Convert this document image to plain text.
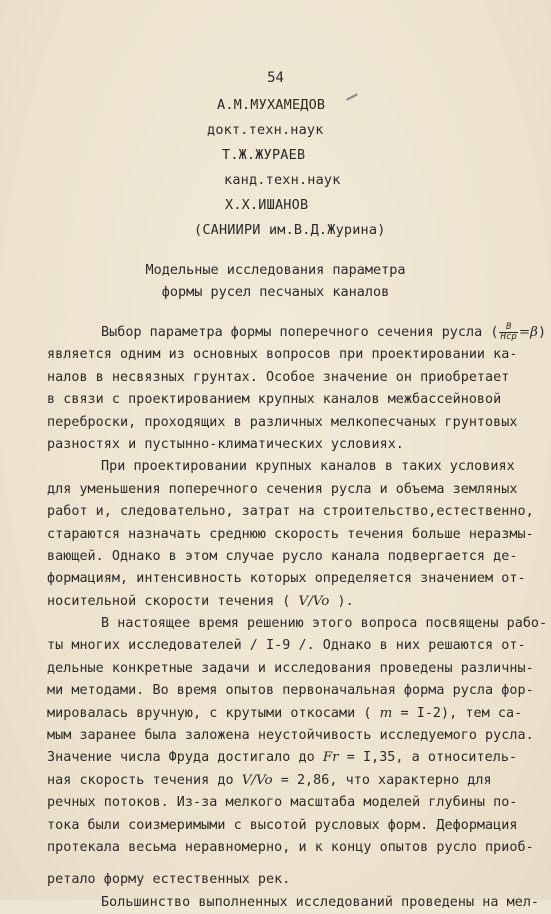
54
А.М.МУХАМЕДОВ
докт.техн.наук
Т.Ж.ЖУРАЕВ
канд.техн.наук
Х.Х.ИШАНОВ
(САНИИРИ им.В.Д.Журина)
Модельные исследования параметра
формы русел песчаных каналов
Выбор параметра формы поперечного сечения русла ( $\frac{В}{\text{Hср}} =\beta$)
является одним из основных вопросов при проектировании ка-
налов в несвязных грунтах. Особое значение он приобретает
в связи с проектированием крупных каналов межбассейновой
переброски, проходящих в различных мелкопесчаных грунтовых
разностях и пустынно-климатических условиях.
При проектировании крупных каналов в таких условиях
для уменьшения поперечного сечения русла и объема земляных
работ и, следовательно, затрат на строительство,естественно,
стараются назначать среднюю скорость течения больше неразмы-
вающей. Однако в этом случае русло канала подвергается де-
формациям, интенсивность которых определяется значением от-
носительной скорости течения ( V/Vo ).
В настоящее время решению этого вопроса посвящены рабо-
ты многих исследователей / I-9 /. Однако в них решаются от-
дельные конкретные задачи и исследования проведены различны-
ми методами. Во время опытов первоначальная форма русла фор-
мировалась вручную, с крутыми откосами ( m = I-2), тем са-
мым заранее была заложена неустойчивость исследуемого русла.
Значение числа Фруда достигало до Fr = I,35, а относитель-
ная скорость течения до V/Vo = 2,86, что характерно для
речных потоков. Из-за мелкого масштаба моделей глубины по-
тока были соизмеримыми с высотой русловых форм. Деформация
протекала весьма неравномерно, и к концу опытов русло приоб-
ретало форму естественных рек.
Большинство выполненных исследований проведены на мел-
